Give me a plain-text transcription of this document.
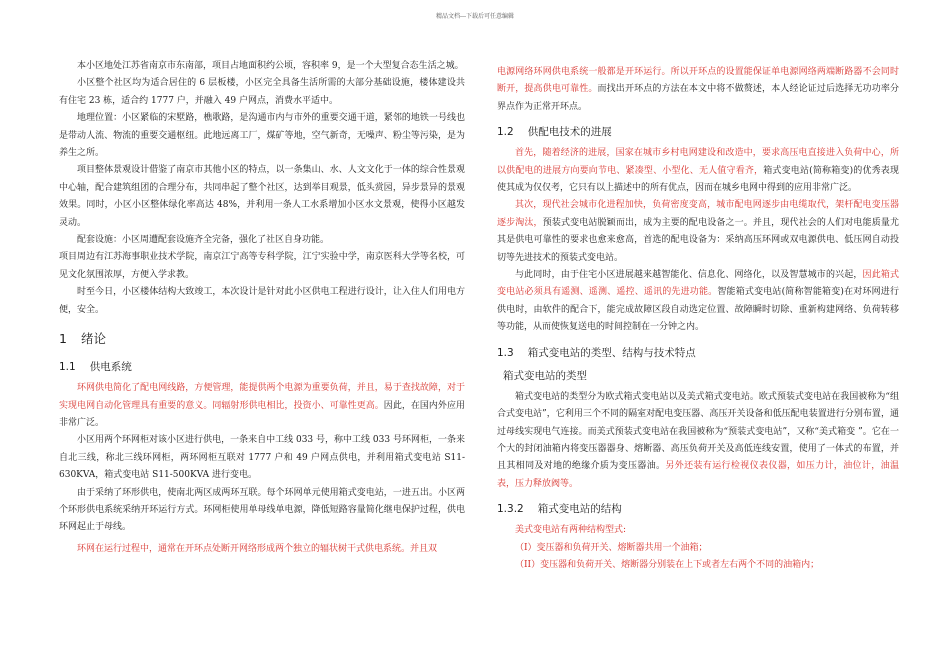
精品文档---下载后可任意编辑

本小区地处江苏省南京市东南部，项目占地面积约公顷，容积率 9，是一个大型复合态生活之城。

小区整个社区均为适合居住的 6 层板楼，小区完全具备生活所需的大部分基础设施，楼体建设共有住宅 23 栋，适合约 1777 户，并融入 49 户网点，消费水平适中。

地理位置：小区紧临的宋墅路，樵歌路，是沟通市内与市外的重要交通干道，紧邻的地铁一号线也是带动人流、物流的重要交通枢纽。此地远离工厂，煤矿等地，空气新奇，无噪声、粉尘等污染，是为养生之所。

项目整体景观设计借鉴了南京市其他小区的特点，以一条集山、水、人文文化于一体的综合性景观中心轴，配合建筑组团的合理分布，共同串起了整个社区，达到举目观景，低头赏园，异步景异的景观效果。同时，小区小区整体绿化率高达 48%，并利用一条人工水系增加小区水文景观，使得小区越发灵动。

配套设施：小区周遭配套设施齐全完备，强化了社区自身功能。

项目周边有江苏海事职业技术学院，南京江宁高等专科学院，江宁实验中学，南京医科大学等名校，可见文化氛围浓厚，方便入学求教。

时至今日，小区楼体结构大致竣工，本次设计是针对此小区供电工程进行设计，让入住人们用电方便，安全。

1 绪论
1.1 供电系统

环网供电简化了配电网线路，方便管理，能提供两个电源为重要负荷，并且，易于查找故障，对于实现电网自动化管理具有重要的意义。同辐射形供电相比，投资小、可靠性更高。因此，在国内外应用非常广泛。

小区用两个环网柜对该小区进行供电，一条来自中工线 033 号，称中工线 033 号环网柜，一条来自北三线，称北三线环网柜，两环网柜互联对 1777 户和 49 户网点供电，并利用箱式变电站 S11-630KVA，箱式变电站 S11-500KVA 进行变电。

由于采纳了环形供电，使南北两区成两环互联。每个环网单元使用箱式变电站，一进五出。小区两个环形供电系统采纳开环运行方式。环网柜使用单母线单电源，降低短路容量简化继电保护过程，供电环网起止于母线。

环网在运行过程中，通常在开环点处断开网络形成两个独立的辐状树干式供电系统。并且双

电源网络环网供电系统一般都是开环运行。所以开环点的设置能保证单电源网络两端断路器不会同时断开，提高供电可靠性。而找出开环点的方法在本文中将不做赘述，本人经论证过后选择无功功率分界点作为正常开环点。

1.2 供配电技术的进展

首先，随着经济的进展，国家在城市乡村电网建设和改造中，要求高压电直接进入负荷中心，所以供配电的进展方向要向节电、紧凑型、小型化、无人值守看齐，箱式变电站(简称箱变)的优秀表现使其成为仅仅考，它只有以上描述中的所有优点，因而在城乡电网中得到的应用非常广泛。

其次，现代社会城市化进程加快，负荷密度变高，城市配电网逐步由电缆取代，架杆配电变压器逐步淘汰，预装式变电站脱颖而出，成为主要的配电设备之一。并且，现代社会的人们对电能质量尤其是供电可靠性的要求也愈来愈高，首选的配电设备为：采纳高压环网或双电源供电、低压网自动投切等先进技术的预装式变电站。

与此同时，由于住宅小区进展越来越智能化、信息化、网络化，以及智慧城市的兴起，因此箱式变电站必须具有遥测、遥测、遥控、遥讯的先进功能。智能箱式变电站(简称智能箱变)在对环网进行供电时，由软件的配合下，能完成故障区段自动选定位置、故障瞬时切除、重新构建网络、负荷转移等功能，从而使恢复送电的时间控制在一分钟之内。

1.3 箱式变电站的类型、结构与技术特点
箱式变电站的类型

箱式变电站的类型分为欧式箱式变电站以及美式箱式变电站。欧式预装式变电站在我国被称为“组合式变电站”，它利用三个不同的隔室对配电变压器、高压开关设备和低压配电装置进行分别布置，通过母线实现电气连接。而美式预装式变电站在我国被称为“预装式变电站”，又称“美式箱变 ”。它在一个大的封闭油箱内将变压器器身、熔断器、高压负荷开关及高低连线安置，使用了一体式的布置，并且其相同及对地的绝缘介质为变压器油。另外还装有运行检视仪表仪器，如压力计，油位计，油温表，压力释放阀等。

1.3.2 箱式变电站的结构

美式变电站有两种结构型式:

（I）变压器和负荷开关、熔断器共用一个油箱；

（II）变压器和负荷开关、熔断器分别装在上下或者左右两个不同的油箱内；
